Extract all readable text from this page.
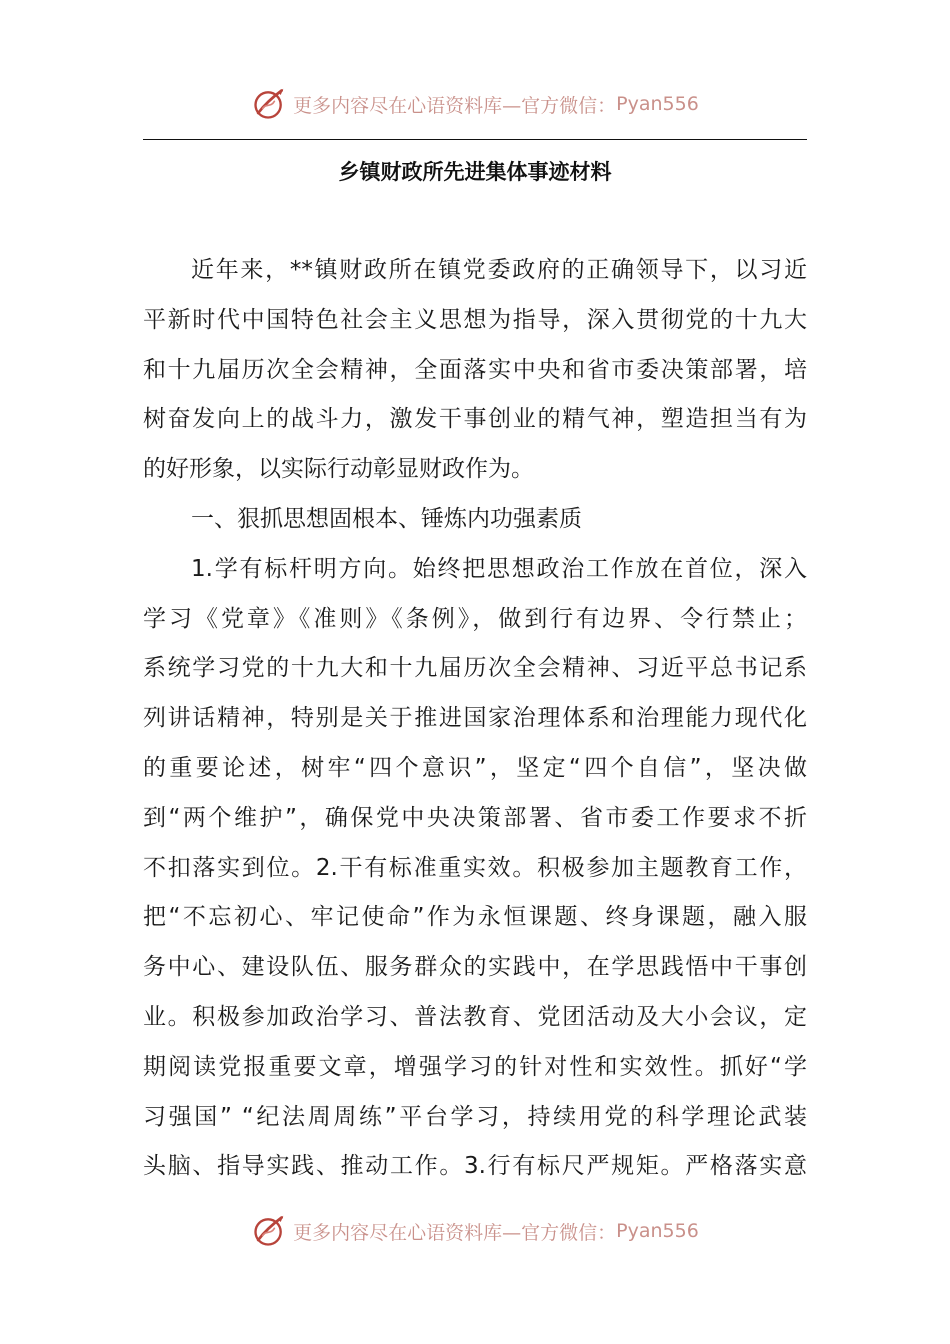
更多内容尽在心语资料库—官方微信： Pyan556
乡镇财政所先进集体事迹材料
近年来，**镇财政所在镇党委政府的正确领导下，以习近
平新时代中国特色社会主义思想为指导，深入贯彻党的十九大
和十九届历次全会精神，全面落实中央和省市委决策部署，培
树奋发向上的战斗力，激发干事创业的精气神，塑造担当有为
的好形象，以实际行动彰显财政作为。
一、狠抓思想固根本、锤炼内功强素质
1.学有标杆明方向。始终把思想政治工作放在首位，深入
学习《党章》《准则》《条例》，做到行有边界、令行禁止；
系统学习党的十九大和十九届历次全会精神、习近平总书记系
列讲话精神，特别是关于推进国家治理体系和治理能力现代化
的重要论述，树牢“四个意识”，坚定“四个自信”，坚决做
到“两个维护”，确保党中央决策部署、省市委工作要求不折
不扣落实到位。2.干有标准重实效。积极参加主题教育工作，
把“不忘初心、牢记使命”作为永恒课题、终身课题，融入服
务中心、建设队伍、服务群众的实践中，在学思践悟中干事创
业。积极参加政治学习、普法教育、党团活动及大小会议，定
期阅读党报重要文章，增强学习的针对性和实效性。抓好“学
习强国” “纪法周周练”平台学习，持续用党的科学理论武装
头脑、指导实践、推动工作。3.行有标尺严规矩。严格落实意
更多内容尽在心语资料库—官方微信： Pyan556
